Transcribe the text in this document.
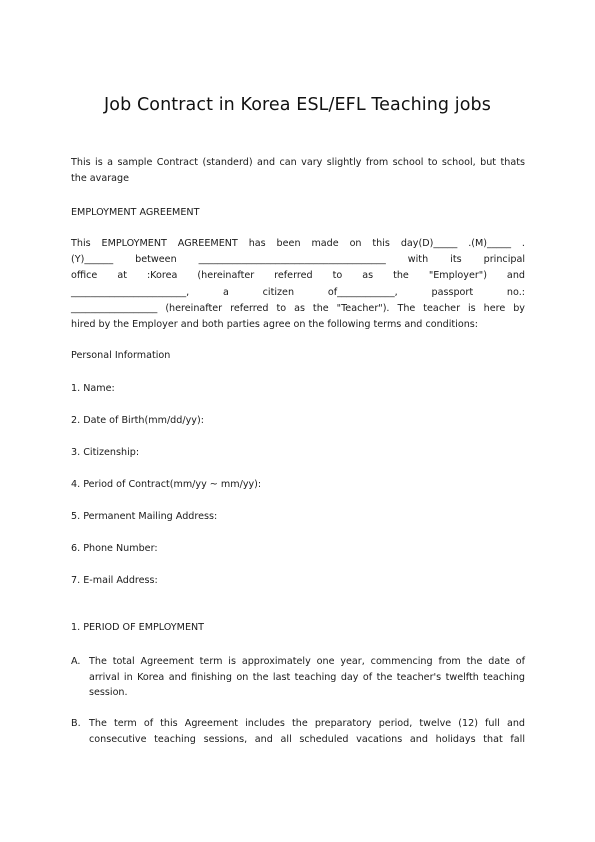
Job Contract in Korea ESL/EFL Teaching jobs
This is a sample Contract (standerd) and can vary slightly from school to school, but thats
the avarage
EMPLOYMENT AGREEMENT
This EMPLOYMENT AGREEMENT has been made on this day(D)_____ .(M)_____ .
(Y)______ between _______________________________________ with its principal
office at :Korea (hereinafter referred to as the "Employer") and
________________________, a citizen of____________, passport no.:
__________________ (hereinafter referred to as the "Teacher"). The teacher is here by
hired by the Employer and both parties agree on the following terms and conditions:
Personal Information
1. Name:
2. Date of Birth(mm/dd/yy):
3. Citizenship:
4. Period of Contract(mm/yy ~ mm/yy):
5. Permanent Mailing Address:
6. Phone Number:
7. E-mail Address:
1. PERIOD OF EMPLOYMENT
A. The total Agreement term is approximately one year, commencing from the date of
arrival in Korea and finishing on the last teaching day of the teacher's twelfth teaching
session.
B. The term of this Agreement includes the preparatory period, twelve (12) full and
consecutive teaching sessions, and all scheduled vacations and holidays that fall
